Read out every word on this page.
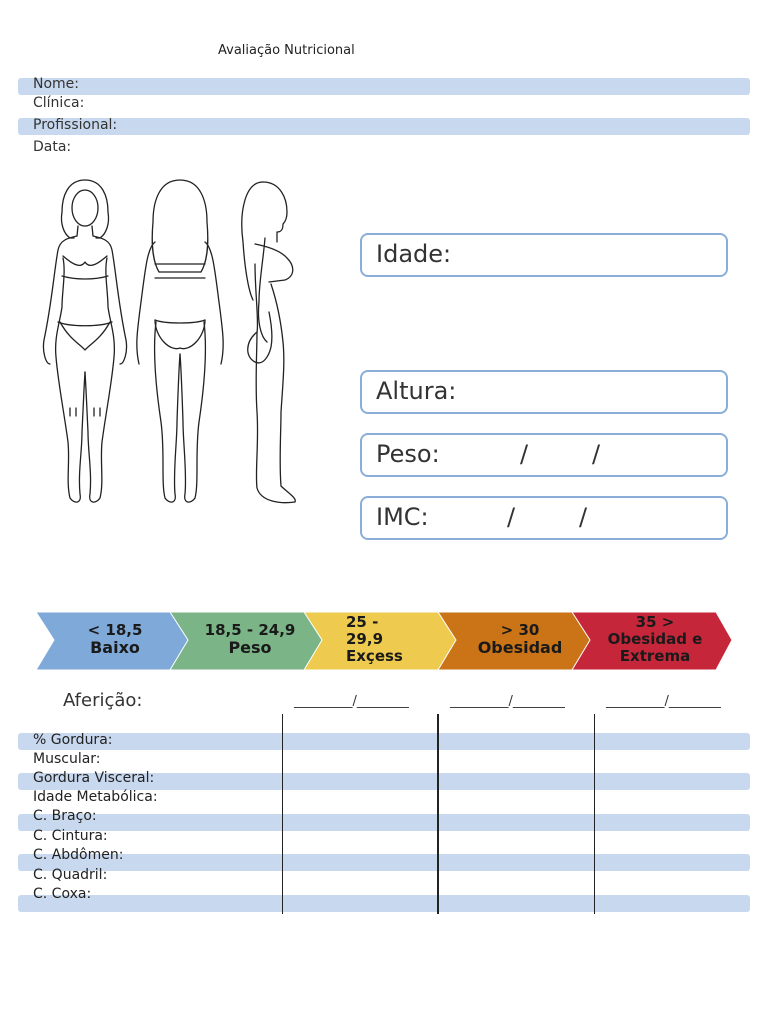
Avaliação Nutricional
Nome:
Clínica:
Profissional:
Data:
Idade:
Altura:
Peso:	/	/
IMC:	/	/
< 18,5
Baixo
18,5 - 24,9
Peso
25 - 29,9
Exçess
> 30
Obesidad
35 >
Obesidad e Extrema
Aferição:	_________/________	_________/________	_________/________
% Gordura:
Muscular:
Gordura Visceral:
Idade Metabólica:
C. Braço:
C. Cintura:
C. Abdômen:
C. Quadril:
C. Coxa:
